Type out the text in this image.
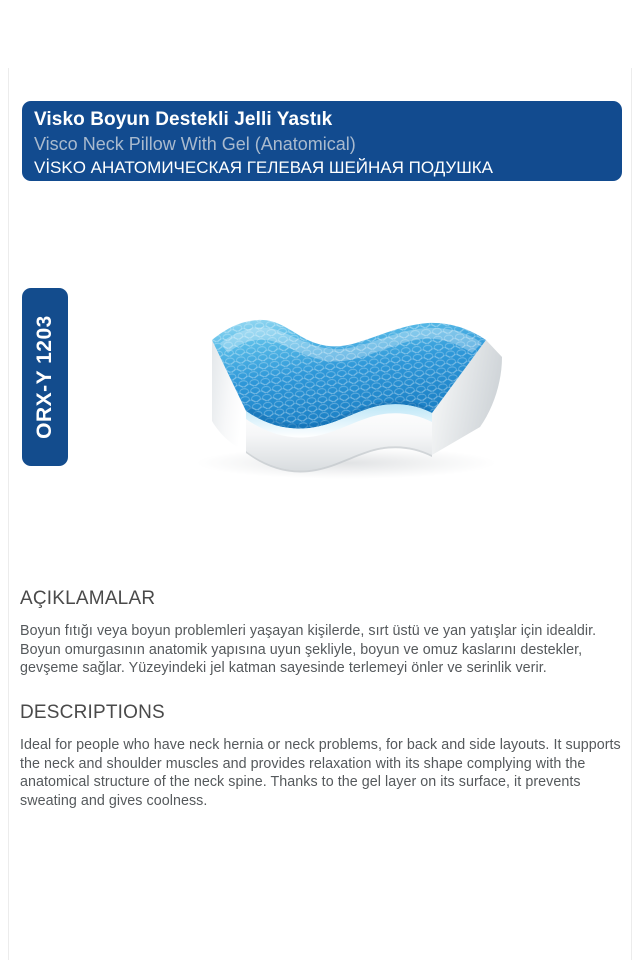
Visko Boyun Destekli Jelli Yastık
Visco Neck Pillow With Gel (Anatomical)
VİSKO АНАТОМИЧЕСКАЯ ГЕЛЕВАЯ ШЕЙНАЯ ПОДУШКА
ORX-Y 1203
AÇIKLAMALAR

Boyun fıtığı veya boyun problemleri yaşayan kişilerde, sırt üstü ve yan yatışlar için idealdir. Boyun omurgasının anatomik yapısına uyun şekliyle, boyun ve omuz kaslarını destekler, gevşeme sağlar. Yüzeyindeki jel katman sayesinde terlemeyi önler ve serinlik verir.

DESCRIPTIONS

Ideal for people who have neck hernia or neck problems, for back and side layouts. It supports the neck and shoulder muscles and provides relaxation with its shape complying with the anatomical structure of the neck spine. Thanks to the gel layer on its surface, it prevents sweating and gives coolness.
